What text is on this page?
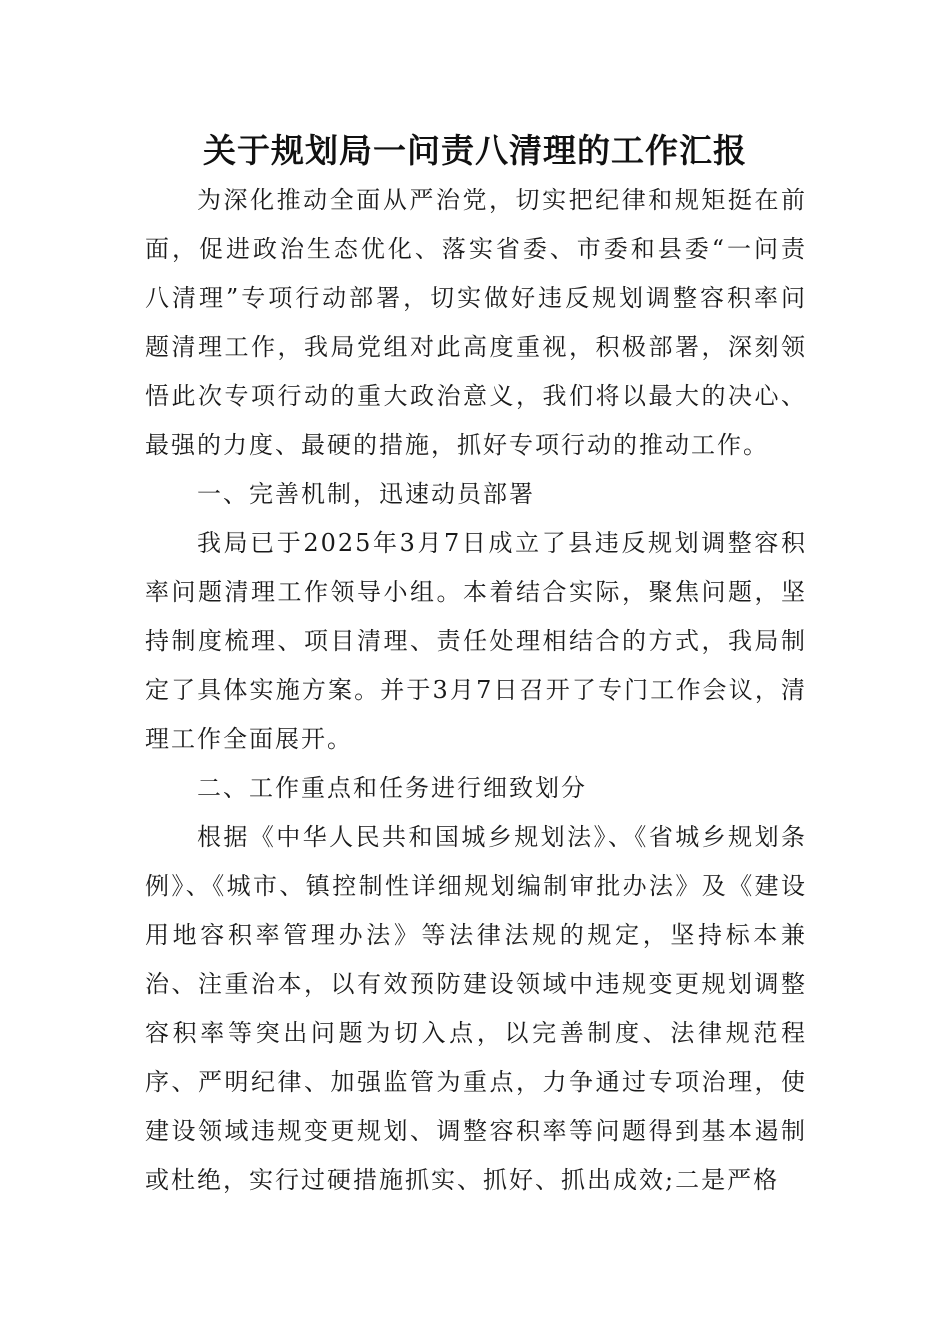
关于规划局一问责八清理的工作汇报

为深化推动全面从严治党，切实把纪律和规矩挺在前面，促进政治生态优化、落实省委、市委和县委“一问责八清理”专项行动部署，切实做好违反规划调整容积率问题清理工作，我局党组对此高度重视，积极部署，深刻领悟此次专项行动的重大政治意义，我们将以最大的决心、最强的力度、最硬的措施，抓好专项行动的推动工作。

一、完善机制，迅速动员部署

我局已于2025年3月7日成立了县违反规划调整容积率问题清理工作领导小组。本着结合实际，聚焦问题，坚持制度梳理、项目清理、责任处理相结合的方式，我局制定了具体实施方案。并于3月7日召开了专门工作会议，清理工作全面展开。

二、工作重点和任务进行细致划分

根据《中华人民共和国城乡规划法》、《省城乡规划条例》、《城市、镇控制性详细规划编制审批办法》及《建设用地容积率管理办法》等法律法规的规定，坚持标本兼治、注重治本，以有效预防建设领域中违规变更规划调整容积率等突出问题为切入点，以完善制度、法律规范程序、严明纪律、加强监管为重点，力争通过专项治理，使建设领域违规变更规划、调整容积率等问题得到基本遏制或杜绝，实行过硬措施抓实、抓好、抓出成效;二是严格
